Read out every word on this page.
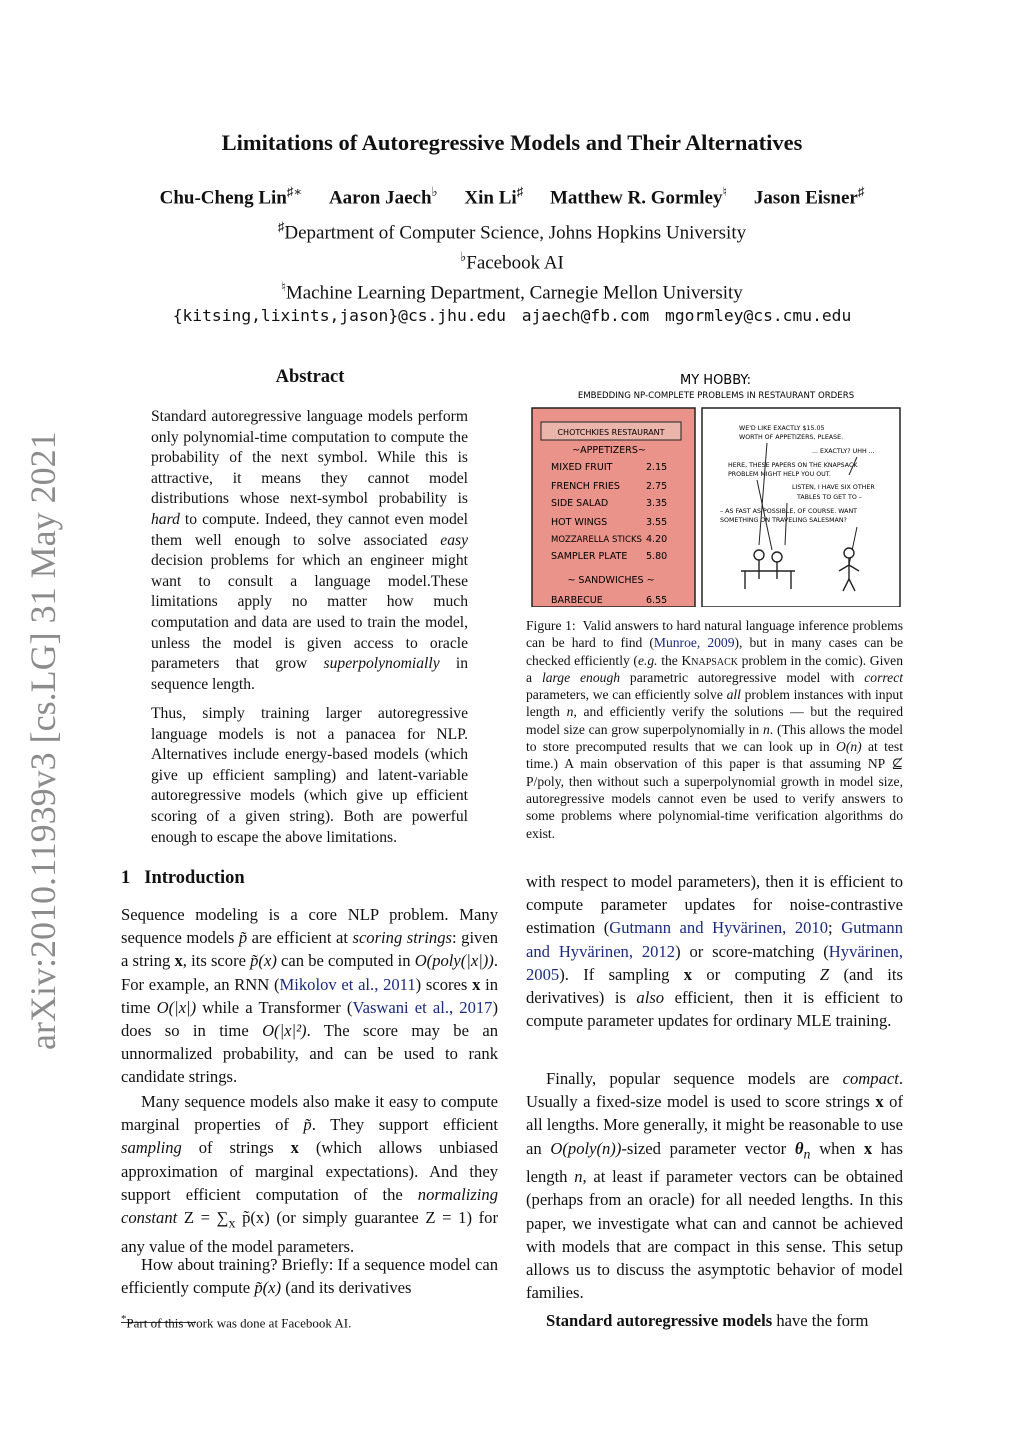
Limitations of Autoregressive Models and Their Alternatives
Chu-Cheng Lin♯∗ Aaron Jaech♭ Xin Li♯ Matthew R. Gormley♮ Jason Eisner♯
♯Department of Computer Science, Johns Hopkins University
♭Facebook AI
♮Machine Learning Department, Carnegie Mellon University
{kitsing,lixints,jason}@cs.jhu.edu ajaech@fb.com mgormley@cs.cmu.edu
arXiv:2010.11939v3 [cs.LG] 31 May 2021
Abstract
Standard autoregressive language models perform only polynomial-time computation to compute the probability of the next symbol. While this is attractive, it means they cannot model distributions whose next-symbol probability is hard to compute. Indeed, they cannot even model them well enough to solve associated easy decision problems for which an engineer might want to consult a language model.These limitations apply no matter how much computation and data are used to train the model, unless the model is given access to oracle parameters that grow superpolynomially in sequence length.
Thus, simply training larger autoregressive language models is not a panacea for NLP. Alternatives include energy-based models (which give up efficient sampling) and latent-variable autoregressive models (which give up efficient scoring of a given string). Both are powerful enough to escape the above limitations.
MY HOBBY:
EMBEDDING NP-COMPLETE PROBLEMS IN RESTAURANT ORDERS
CHOTCHKIES RESTAURANT
~APPETIZERS~
MIXED FRUIT	2.15
FRENCH FRIES	2.75
SIDE SALAD	3.35
HOT WINGS	3.55
MOZZARELLA STICKS 4.20
SAMPLER PLATE 5.80
~ SANDWICHES ~
BARBECUE	6.55
WE'D LIKE EXACTLY $15.05
WORTH OF APPETIZERS, PLEASE.
... EXACTLY? UHH ...
HERE, THESE PAPERS ON THE KNAPSACK
PROBLEM MIGHT HELP YOU OUT.
LISTEN, I HAVE SIX OTHER
TABLES TO GET TO –
– AS FAST AS POSSIBLE, OF COURSE. WANT
SOMETHING ON TRAVELING SALESMAN?
Figure 1: Valid answers to hard natural language inference problems can be hard to find (Munroe, 2009), but in many cases can be checked efficiently (e.g. the Knapsack problem in the comic). Given a large enough parametric autoregressive model with correct parameters, we can efficiently solve all problem instances with input length n, and efficiently verify the solutions — but the required model size can grow superpolynomially in n. (This allows the model to store precomputed results that we can look up in O(n) at test time.) A main observation of this paper is that assuming NP ⊈ P/poly, then without such a superpolynomial growth in model size, autoregressive models cannot even be used to verify answers to some problems where polynomial-time verification algorithms do exist.
1 Introduction
Sequence modeling is a core NLP problem. Many sequence models p̃ are efficient at scoring strings: given a string x, its score p̃(x) can be computed in O(poly(|x|)). For example, an RNN (Mikolov et al., 2011) scores x in time O(|x|) while a Transformer (Vaswani et al., 2017) does so in time O(|x|²). The score may be an unnormalized probability, and can be used to rank candidate strings.
Many sequence models also make it easy to compute marginal properties of p̃. They support efficient sampling of strings x (which allows unbiased approximation of marginal expectations). And they support efficient computation of the normalizing constant $Z = \sum_x$ p̃(x) (or simply guarantee Z = 1) for any value of the model parameters.
How about training? Briefly: If a sequence model can efficiently compute p̃(x) (and its derivatives
with respect to model parameters), then it is efficient to compute parameter updates for noise-contrastive estimation (Gutmann and Hyvärinen, 2010; Gutmann and Hyvärinen, 2012) or score-matching (Hyvärinen, 2005). If sampling x or computing Z (and its derivatives) is also efficient, then it is efficient to compute parameter updates for ordinary MLE training.
Finally, popular sequence models are compact. Usually a fixed-size model is used to score strings x of all lengths. More generally, it might be reasonable to use an O(poly(n))-sized parameter vector $\theta_n$ when x has length n, at least if parameter vectors can be obtained (perhaps from an oracle) for all needed lengths. In this paper, we investigate what can and cannot be achieved with models that are compact in this sense. This setup allows us to discuss the asymptotic behavior of model families.
Standard autoregressive models have the form
*Part of this work was done at Facebook AI.
